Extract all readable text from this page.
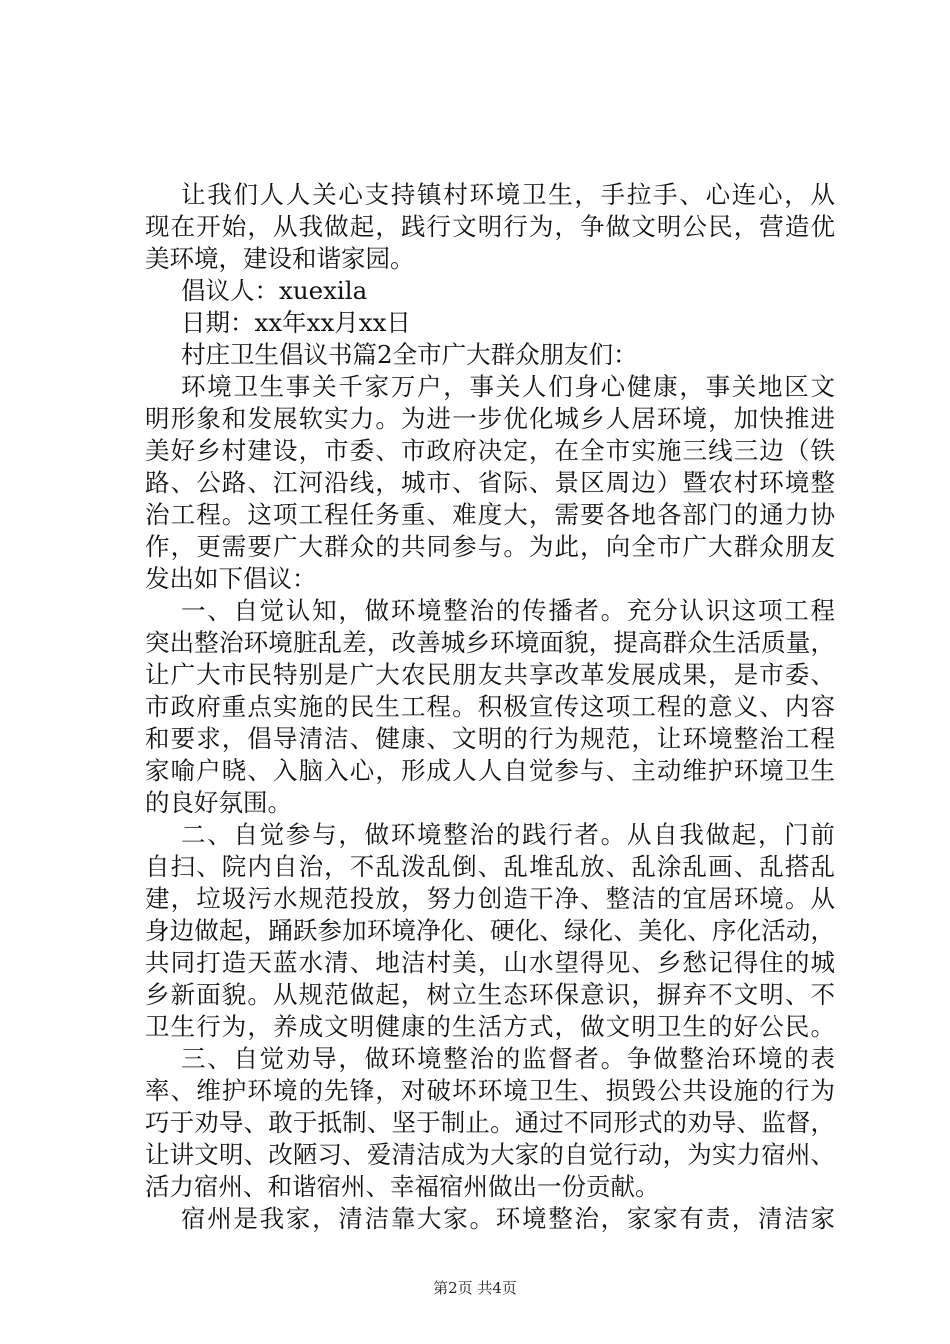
让我们人人关心支持镇村环境卫生，手拉手、心连心，从
现在开始，从我做起，践行文明行为，争做文明公民，营造优
美环境，建设和谐家园。
倡议人：xuexila
日期：xx年xx月xx日
村庄卫生倡议书篇2全市广大群众朋友们：
环境卫生事关千家万户，事关人们身心健康，事关地区文
明形象和发展软实力。为进一步优化城乡人居环境，加快推进
美好乡村建设，市委、市政府决定，在全市实施三线三边（铁
路、公路、江河沿线，城市、省际、景区周边）暨农村环境整
治工程。这项工程任务重、难度大，需要各地各部门的通力协
作，更需要广大群众的共同参与。为此，向全市广大群众朋友
发出如下倡议：
一、自觉认知，做环境整治的传播者。充分认识这项工程
突出整治环境脏乱差，改善城乡环境面貌，提高群众生活质量，
让广大市民特别是广大农民朋友共享改革发展成果，是市委、
市政府重点实施的民生工程。积极宣传这项工程的意义、内容
和要求，倡导清洁、健康、文明的行为规范，让环境整治工程
家喻户晓、入脑入心，形成人人自觉参与、主动维护环境卫生
的良好氛围。
二、自觉参与，做环境整治的践行者。从自我做起，门前
自扫、院内自治，不乱泼乱倒、乱堆乱放、乱涂乱画、乱搭乱
建，垃圾污水规范投放，努力创造干净、整洁的宜居环境。从
身边做起，踊跃参加环境净化、硬化、绿化、美化、序化活动，
共同打造天蓝水清、地洁村美，山水望得见、乡愁记得住的城
乡新面貌。从规范做起，树立生态环保意识，摒弃不文明、不
卫生行为，养成文明健康的生活方式，做文明卫生的好公民。
三、自觉劝导，做环境整治的监督者。争做整治环境的表
率、维护环境的先锋，对破坏环境卫生、损毁公共设施的行为
巧于劝导、敢于抵制、坚于制止。通过不同形式的劝导、监督，
让讲文明、改陋习、爱清洁成为大家的自觉行动，为实力宿州、
活力宿州、和谐宿州、幸福宿州做出一份贡献。
宿州是我家，清洁靠大家。环境整治，家家有责，清洁家
第2页 共4页
